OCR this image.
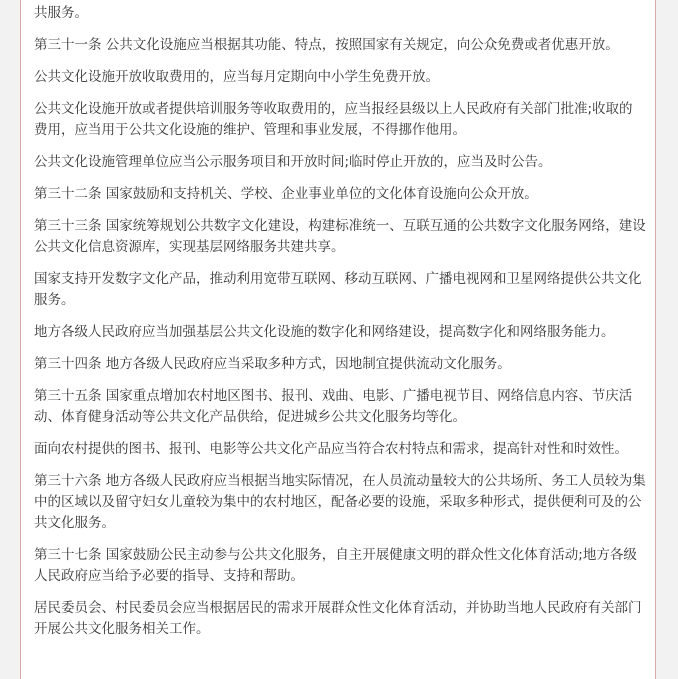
共服务。

第三十一条 公共文化设施应当根据其功能、特点，按照国家有关规定，向公众免费或者优惠开放。

公共文化设施开放收取费用的，应当每月定期向中小学生免费开放。

公共文化设施开放或者提供培训服务等收取费用的，应当报经县级以上人民政府有关部门批准;收取的费用，应当用于公共文化设施的维护、管理和事业发展，不得挪作他用。

公共文化设施管理单位应当公示服务项目和开放时间;临时停止开放的，应当及时公告。

第三十二条 国家鼓励和支持机关、学校、企业事业单位的文化体育设施向公众开放。

第三十三条 国家统筹规划公共数字文化建设，构建标准统一、互联互通的公共数字文化服务网络，建设公共文化信息资源库，实现基层网络服务共建共享。

国家支持开发数字文化产品，推动利用宽带互联网、移动互联网、广播电视网和卫星网络提供公共文化服务。

地方各级人民政府应当加强基层公共文化设施的数字化和网络建设，提高数字化和网络服务能力。

第三十四条 地方各级人民政府应当采取多种方式，因地制宜提供流动文化服务。

第三十五条 国家重点增加农村地区图书、报刊、戏曲、电影、广播电视节目、网络信息内容、节庆活动、体育健身活动等公共文化产品供给，促进城乡公共文化服务均等化。

面向农村提供的图书、报刊、电影等公共文化产品应当符合农村特点和需求，提高针对性和时效性。

第三十六条 地方各级人民政府应当根据当地实际情况，在人员流动量较大的公共场所、务工人员较为集中的区域以及留守妇女儿童较为集中的农村地区，配备必要的设施，采取多种形式，提供便利可及的公共文化服务。

第三十七条 国家鼓励公民主动参与公共文化服务，自主开展健康文明的群众性文化体育活动;地方各级人民政府应当给予必要的指导、支持和帮助。

居民委员会、村民委员会应当根据居民的需求开展群众性文化体育活动，并协助当地人民政府有关部门开展公共文化服务相关工作。
